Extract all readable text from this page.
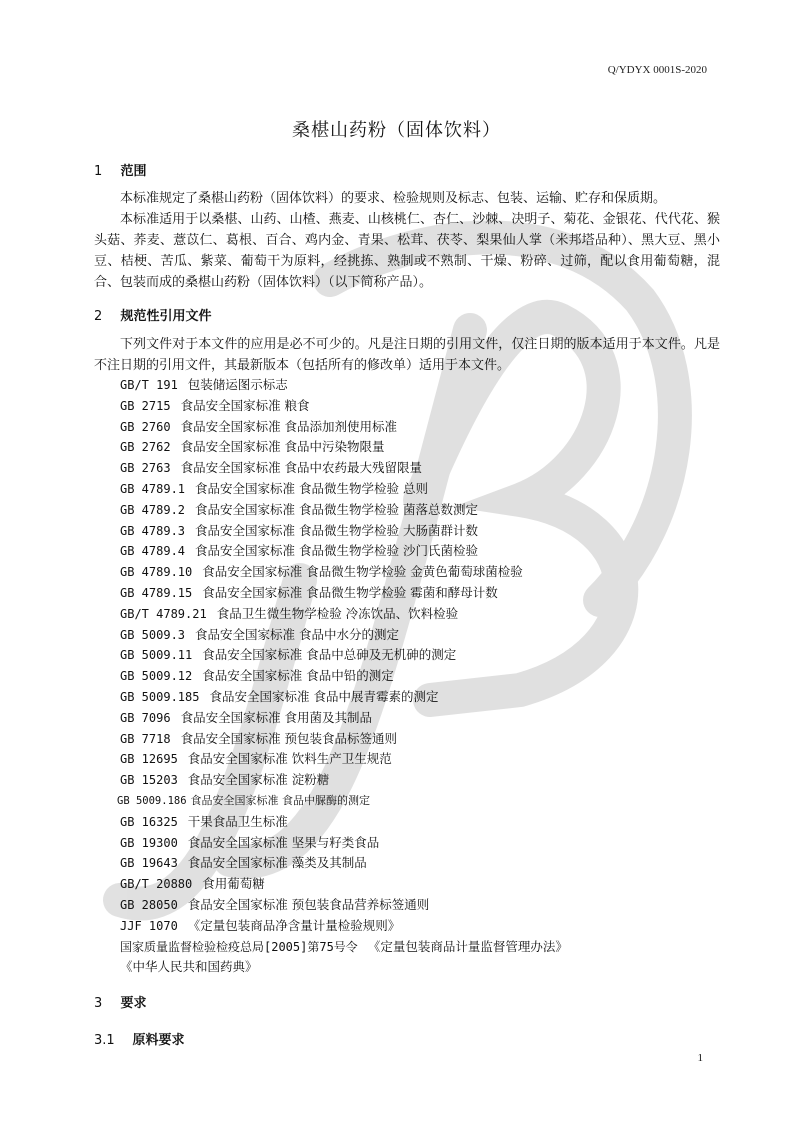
Q/YDYX 0001S-2020
桑椹山药粉（固体饮料）
1 范围
本标准规定了桑椹山药粉（固体饮料）的要求、检验规则及标志、包装、运输、贮存和保质期。
本标准适用于以桑椹、山药、山楂、燕麦、山核桃仁、杏仁、沙棘、决明子、菊花、金银花、代代花、猴头菇、荞麦、薏苡仁、葛根、百合、鸡内金、青果、松茸、茯苓、梨果仙人掌（米邦塔品种）、黑大豆、黑小豆、桔梗、苦瓜、紫菜、葡萄干为原料，经挑拣、熟制或不熟制、干燥、粉碎、过筛，配以食用葡萄糖，混合、包装而成的桑椹山药粉（固体饮料）（以下简称产品）。
2 规范性引用文件
下列文件对于本文件的应用是必不可少的。凡是注日期的引用文件，仅注日期的版本适用于本文件。凡是不注日期的引用文件，其最新版本（包括所有的修改单）适用于本文件。
GB/T 191 包装储运图示标志
GB 2715 食品安全国家标准 粮食
GB 2760 食品安全国家标准 食品添加剂使用标准
GB 2762 食品安全国家标准 食品中污染物限量
GB 2763 食品安全国家标准 食品中农药最大残留限量
GB 4789.1 食品安全国家标准 食品微生物学检验 总则
GB 4789.2 食品安全国家标准 食品微生物学检验 菌落总数测定
GB 4789.3 食品安全国家标准 食品微生物学检验 大肠菌群计数
GB 4789.4 食品安全国家标准 食品微生物学检验 沙门氏菌检验
GB 4789.10 食品安全国家标准 食品微生物学检验 金黄色葡萄球菌检验
GB 4789.15 食品安全国家标准 食品微生物学检验 霉菌和酵母计数
GB/T 4789.21 食品卫生微生物学检验 冷冻饮品、饮料检验
GB 5009.3 食品安全国家标准 食品中水分的测定
GB 5009.11 食品安全国家标准 食品中总砷及无机砷的测定
GB 5009.12 食品安全国家标准 食品中铅的测定
GB 5009.185 食品安全国家标准 食品中展青霉素的测定
GB 7096 食品安全国家标准 食用菌及其制品
GB 7718 食品安全国家标准 预包装食品标签通则
GB 12695 食品安全国家标准 饮料生产卫生规范
GB 15203 食品安全国家标准 淀粉糖
GB 5009.186 食品安全国家标准 食品中脲酶的测定
GB 16325 干果食品卫生标准
GB 19300 食品安全国家标准 坚果与籽类食品
GB 19643 食品安全国家标准 藻类及其制品
GB/T 20880 食用葡萄糖
GB 28050 食品安全国家标准 预包装食品营养标签通则
JJF 1070 《定量包装商品净含量计量检验规则》
国家质量监督检验检疫总局[2005]第75号令 《定量包装商品计量监督管理办法》
《中华人民共和国药典》
3 要求
3.1 原料要求
1
